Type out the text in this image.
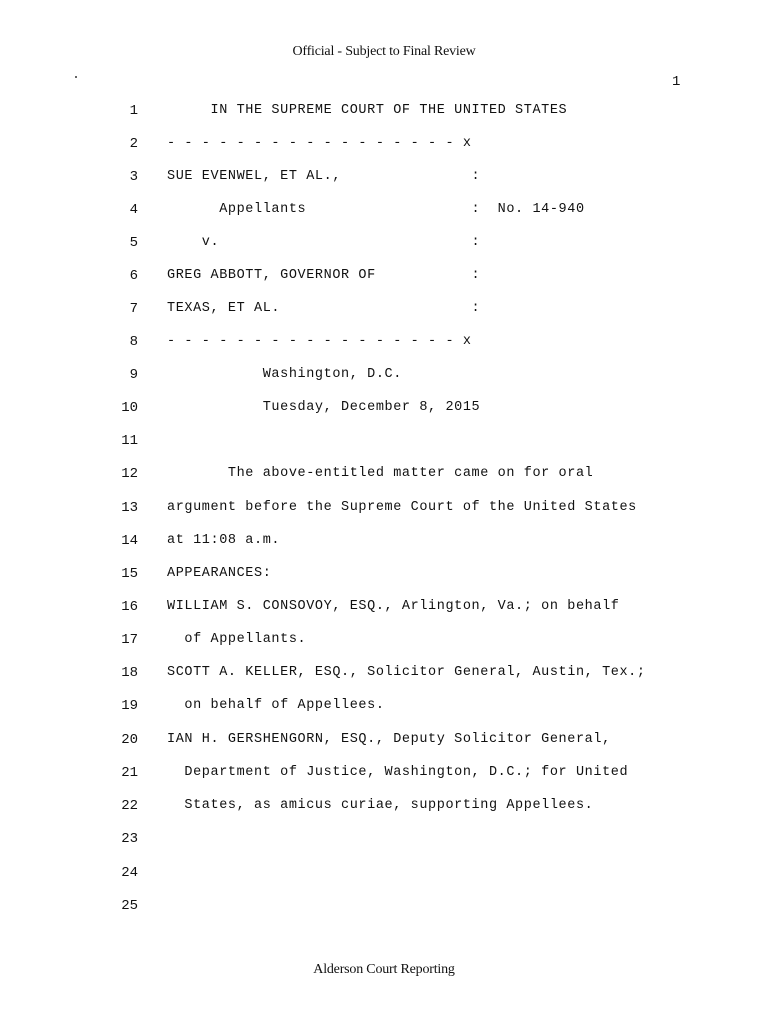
Official - Subject to Final Review
1
1 IN THE SUPREME COURT OF THE UNITED STATES
2 - - - - - - - - - - - - - - - - - x
3 SUE EVENWEL, ET AL.,               :
4 Appellants                   :  No. 14-940
5 v.                             :
6 GREG ABBOTT, GOVERNOR OF           :
7 TEXAS, ET AL.                      :
8 - - - - - - - - - - - - - - - - - x
9 Washington, D.C.
10 Tuesday, December 8, 2015
11
12 The above-entitled matter came on for oral
13 argument before the Supreme Court of the United States
14 at 11:08 a.m.
15 APPEARANCES:
16 WILLIAM S. CONSOVOY, ESQ., Arlington, Va.; on behalf
17 of Appellants.
18 SCOTT A. KELLER, ESQ., Solicitor General, Austin, Tex.;
19 on behalf of Appellees.
20 IAN H. GERSHENGORN, ESQ., Deputy Solicitor General,
21 Department of Justice, Washington, D.C.; for United
22 States, as amicus curiae, supporting Appellees.
23
24
25
Alderson Court Reporting
